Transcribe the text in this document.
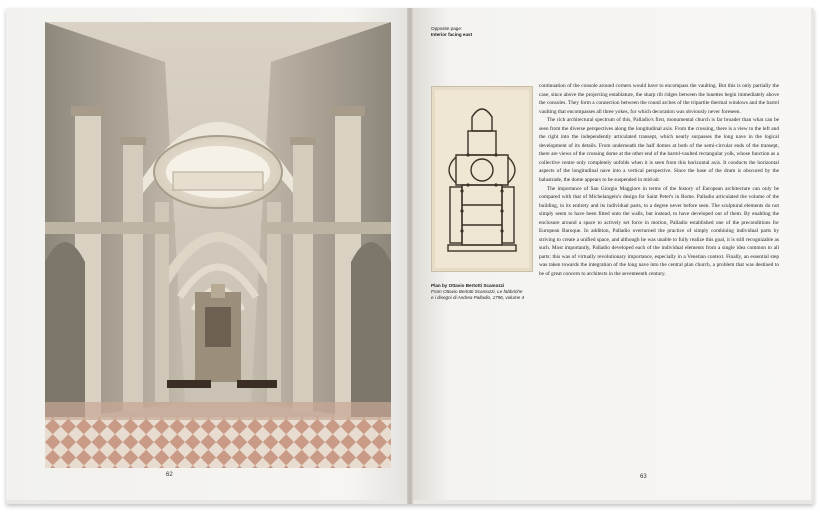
62
Opposite page:
Interior facing east
Plan by Ottavio Bertotti Scamozzi
From Ottavio Bertotti Scamozzi, Le fabbriche
e i disegni di Andrea Palladio, 1796, volume 4

continuation of the console around corners would have to encompass the vaulting. But this is only partially the case, since above the projecting entablature, the sharp rib ridges between the lunettes begin immediately above the consoles. They form a connection between the round arches of the tripartite thermal windows and the barrel vaulting that encompasses all three yokes, for which decoration was obviously never foreseen.

The rich architectural spectrum of this, Palladio's first, monumental church is far broader than what can be seen from the diverse perspectives along the longitudinal axis. From the crossing, there is a view to the left and the right into the independently articulated transept, which nearly surpasses the long nave in the logical development of its details. From underneath the half domes at both of the semi-circular ends of the transept, there are views of the crossing dome at the other end of the barrel-vaulted rectangular yolk, whose function as a collective centre only completely unfolds when it is seen from this horizontal axis. It conducts the horizontal aspects of the longitudinal nave into a vertical perspective. Since the base of the drum is obscured by the balustrade, the dome appears to be suspended in mid-air.

The importance of San Giorgio Maggiore in terms of the history of European architecture can only be compared with that of Michelangelo's design for Saint Peter's in Rome. Palladio articulated the volume of the building, in its entirety and its individual parts, to a degree never before seen. The sculptural elements do not simply seem to have been fitted onto the walls, but instead, to have developed out of them. By enabling the enclosure around a space to actively set force in motion, Palladio established one of the preconditions for European Baroque. In addition, Palladio overturned the practice of simply combining individual parts by striving to create a unified space, and although he was unable to fully realize this goal, it is still recognizable as such. Most importantly, Palladio developed each of the individual elements from a single idea common to all parts: this was of virtually revolutionary importance, especially in a Venetian context. Finally, an essential step was taken towards the integration of the long nave into the central plan church, a problem that was destined to be of great concern to architects in the seventeenth century.

63
